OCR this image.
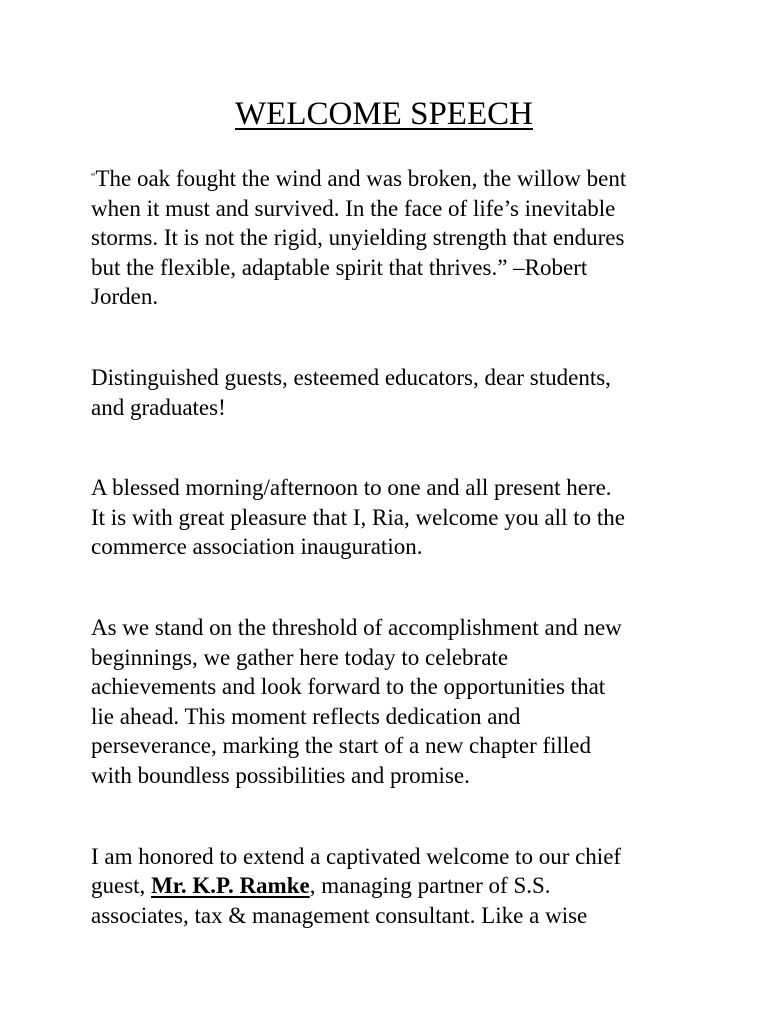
WELCOME SPEECH

“The oak fought the wind and was broken, the willow bent
when it must and survived. In the face of life’s inevitable
storms. It is not the rigid, unyielding strength that endures
but the flexible, adaptable spirit that thrives.” –Robert
Jorden.

Distinguished guests, esteemed educators, dear students,
and graduates!

A blessed morning/afternoon to one and all present here.
It is with great pleasure that I, Ria, welcome you all to the
commerce association inauguration.

As we stand on the threshold of accomplishment and new
beginnings, we gather here today to celebrate
achievements and look forward to the opportunities that
lie ahead. This moment reflects dedication and
perseverance, marking the start of a new chapter filled
with boundless possibilities and promise.

I am honored to extend a captivated welcome to our chief
guest, Mr. K.P. Ramke, managing partner of S.S.
associates, tax & management consultant. Like a wise
